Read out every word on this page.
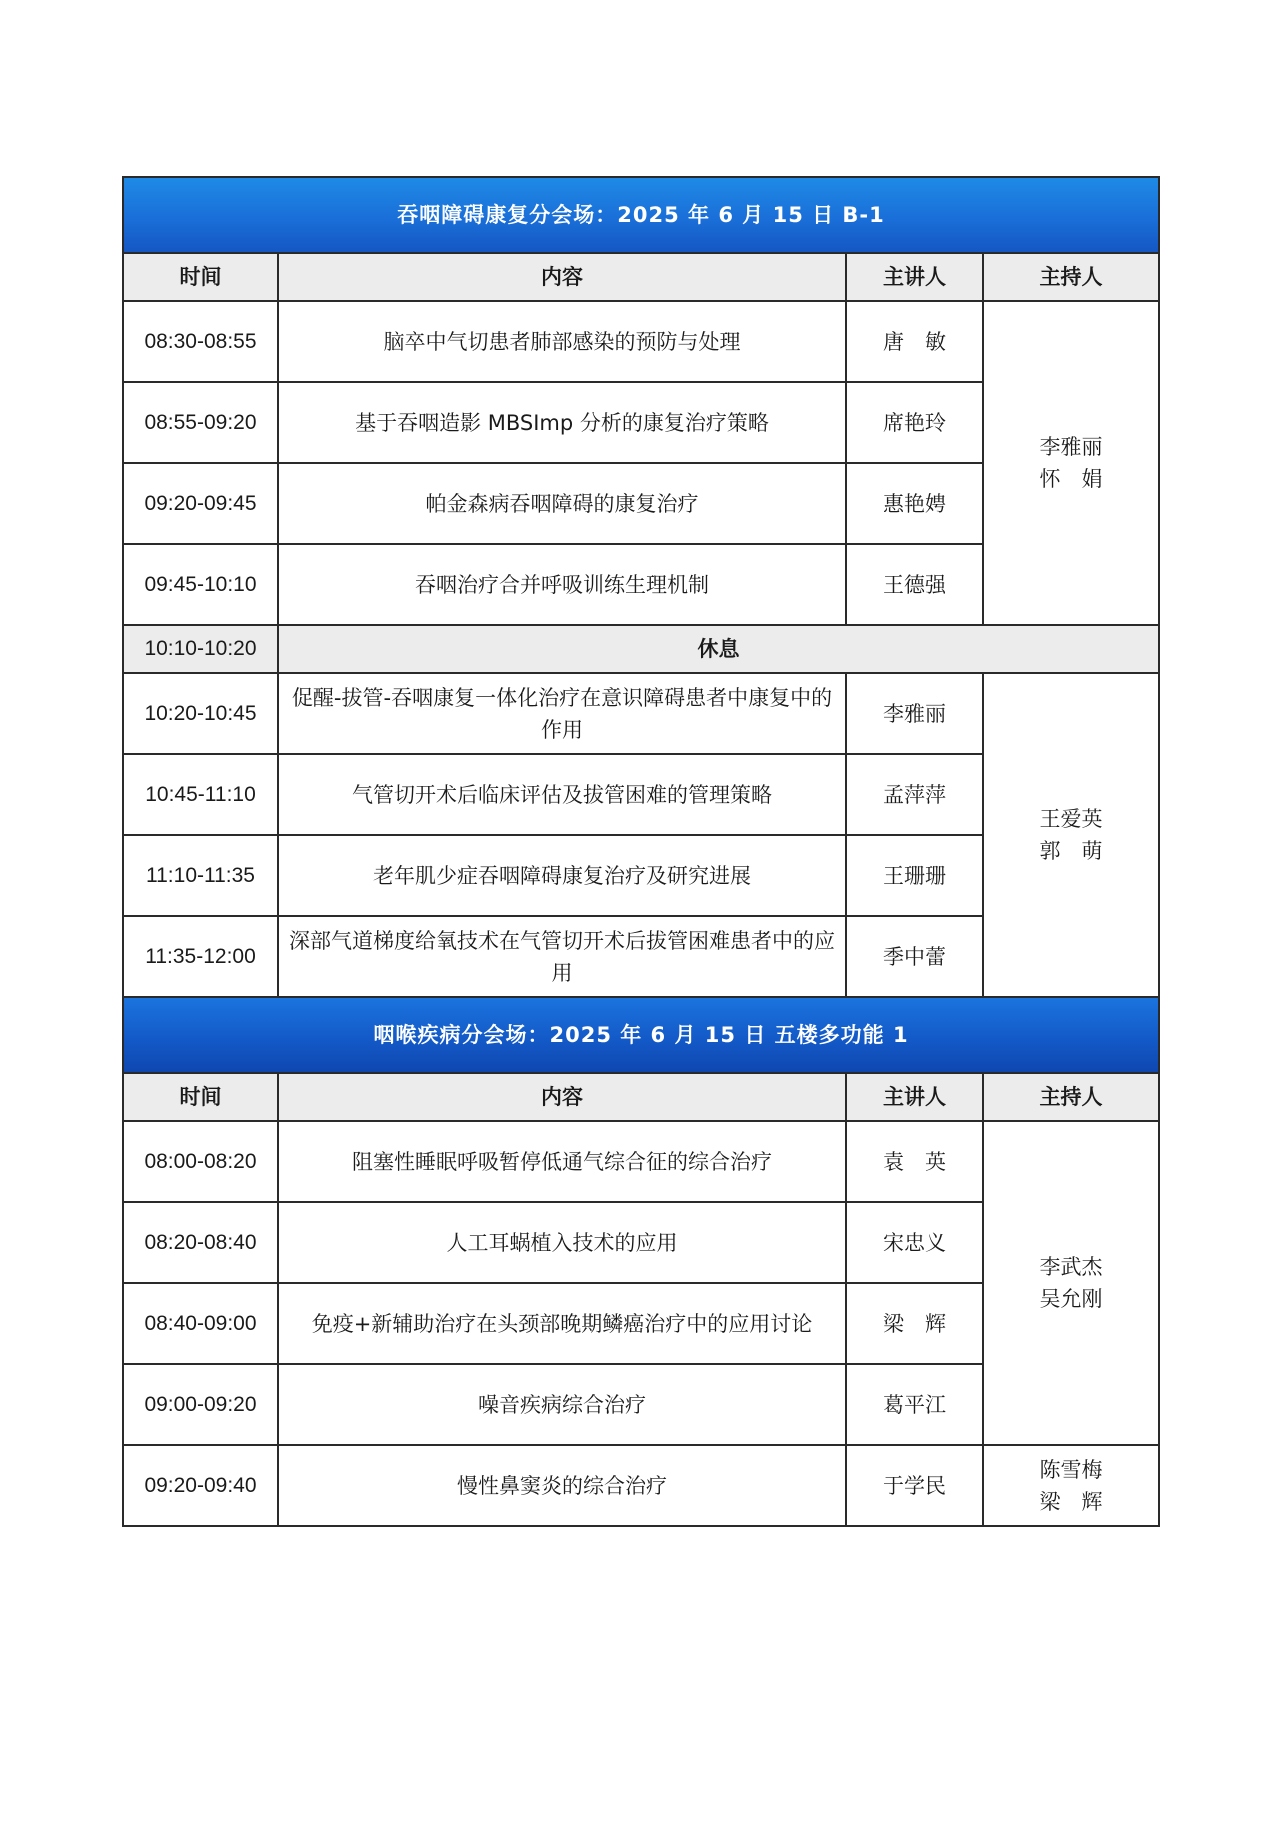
吞咽障碍康复分会场：2025 年 6 月 15 日 B-1			
时间	内容	主讲人	主持人
08:30-08:55	脑卒中气切患者肺部感染的预防与处理	唐　敏	李雅丽
怀　娟

08:55-09:20	基于吞咽造影 MBSImp 分析的康复治疗策略	席艳玲	
09:20-09:45	帕金森病吞咽障碍的康复治疗	惠艳娉	
09:45-10:10	吞咽治疗合并呼吸训练生理机制	王德强	
10:10-10:20	休息		
10:20-10:45	促醒-拔管-吞咽康复一体化治疗在意识障碍患者中康复中的作用	李雅丽	王爱英
郭　萌

10:45-11:10	气管切开术后临床评估及拔管困难的管理策略	孟萍萍	
11:10-11:35	老年肌少症吞咽障碍康复治疗及研究进展	王珊珊	
11:35-12:00	深部气道梯度给氧技术在气管切开术后拔管困难患者中的应用	季中蕾	
咽喉疾病分会场：2025 年 6 月 15 日 五楼多功能 1			
时间	内容	主讲人	主持人
08:00-08:20	阻塞性睡眠呼吸暂停低通气综合征的综合治疗	袁　英	李武杰
吴允刚

08:20-08:40	人工耳蜗植入技术的应用	宋忠义	
08:40-09:00	免疫+新辅助治疗在头颈部晚期鳞癌治疗中的应用讨论	梁　辉	
09:00-09:20	噪音疾病综合治疗	葛平江	
09:20-09:40	慢性鼻窦炎的综合治疗	于学民	陈雪梅
梁　辉
